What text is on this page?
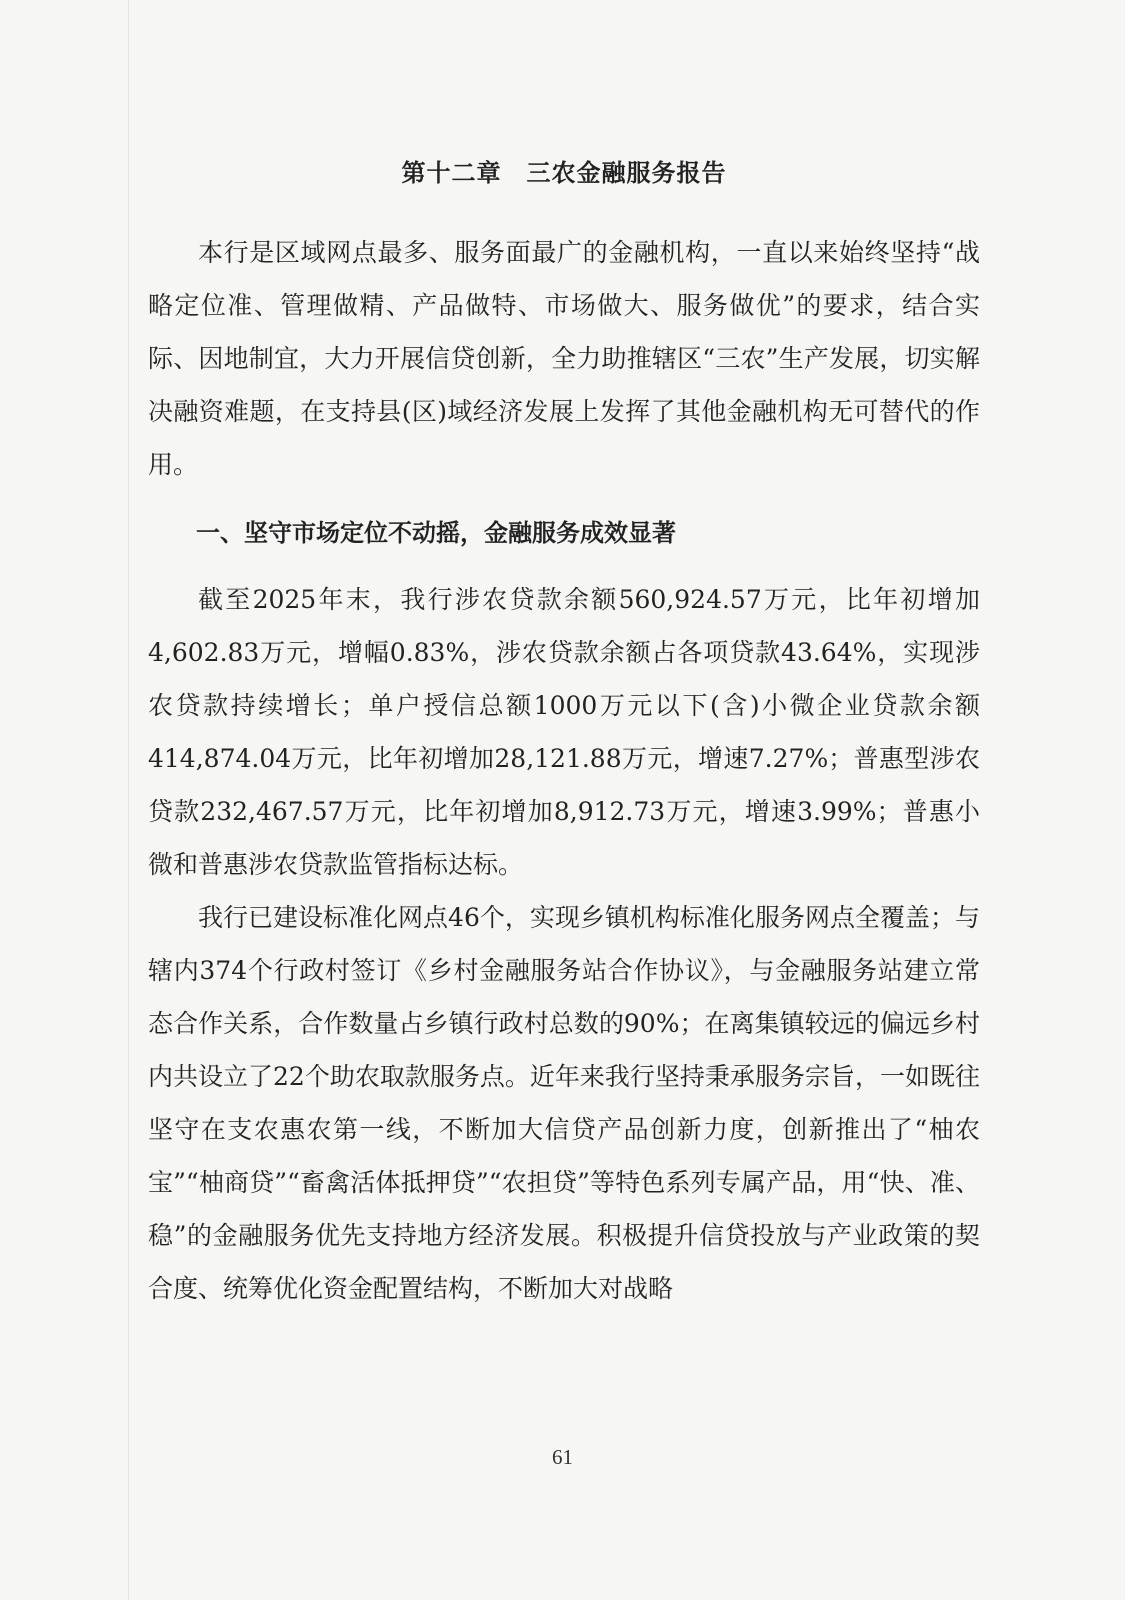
第十二章　三农金融服务报告

本行是区域网点最多、服务面最广的金融机构，一直以来始终坚持“战略定位准、管理做精、产品做特、市场做大、服务做优”的要求，结合实际、因地制宜，大力开展信贷创新，全力助推辖区“三农”生产发展，切实解决融资难题，在支持县(区)域经济发展上发挥了其他金融机构无可替代的作用。

一、坚守市场定位不动摇，金融服务成效显著

截至2025年末，我行涉农贷款余额560,924.57万元，比年初增加4,602.83万元，增幅0.83%，涉农贷款余额占各项贷款43.64%，实现涉农贷款持续增长；单户授信总额1000万元以下(含)小微企业贷款余额414,874.04万元，比年初增加28,121.88万元，增速7.27%；普惠型涉农贷款232,467.57万元，比年初增加8,912.73万元，增速3.99%；普惠小微和普惠涉农贷款监管指标达标。

我行已建设标准化网点46个，实现乡镇机构标准化服务网点全覆盖；与辖内374个行政村签订《乡村金融服务站合作协议》，与金融服务站建立常态合作关系，合作数量占乡镇行政村总数的90%；在离集镇较远的偏远乡村内共设立了22个助农取款服务点。近年来我行坚持秉承服务宗旨，一如既往坚守在支农惠农第一线，不断加大信贷产品创新力度，创新推出了“柚农宝”“柚商贷”“畜禽活体抵押贷”“农担贷”等特色系列专属产品，用“快、准、稳”的金融服务优先支持地方经济发展。积极提升信贷投放与产业政策的契合度、统筹优化资金配置结构，不断加大对战略

61
